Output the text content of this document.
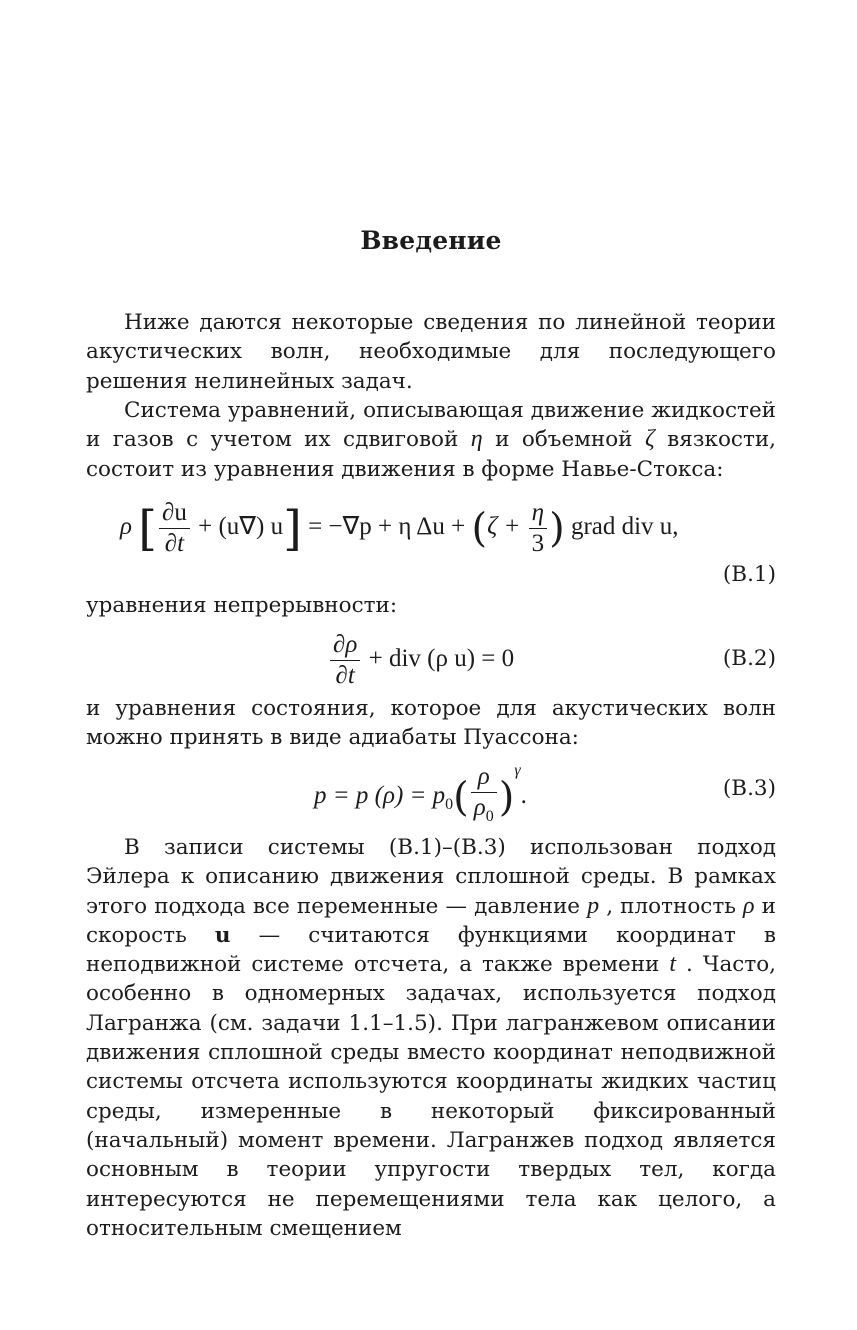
Введение

Ниже даются некоторые сведения по линейной теории акустических волн, необходимые для последующего решения нелинейных задач.

Система уравнений, описывающая движение жидкостей и газов с учетом их сдвиговой η и объемной ζ вязкости, состоит из уравнения движения в форме Навье-Стокса:

ρ [ $\frac{\partial u}{\partial t} + (u\nabla) u] = -\nabla p + \eta$ $\Delta u + (\zeta + \frac{\eta}{3}$ ) grad div u,
(B.1)

уравнения непрерывности:

$\frac{\partial\rho}{\partial t}$ + div (ρ u) = 0	(B.2)

и уравнения состояния, которое для акустических волн можно принять в виде адиабаты Пуассона:

p = p $(\rho) = p_0( \frac{\rho}{\rho_0} )^\gamma$.	(B.3)

В записи системы (B.1)–(B.3) использован подход Эйлера к описанию движения сплошной среды. В рамках этого подхода все переменные — давление p , плотность ρ и скорость u — считаются функциями координат в неподвижной системе отсчета, а также времени t . Часто, особенно в одномерных задачах, используется подход Лагранжа (см. задачи 1.1–1.5). При лагранжевом описании движения сплошной среды вместо координат неподвижной системы отсчета используются координаты жидких частиц среды, измеренные в некоторый фиксированный (начальный) момент времени. Лагранжев подход является основным в теории упругости твердых тел, когда интересуются не перемещениями тела как целого, а относительным смещением
